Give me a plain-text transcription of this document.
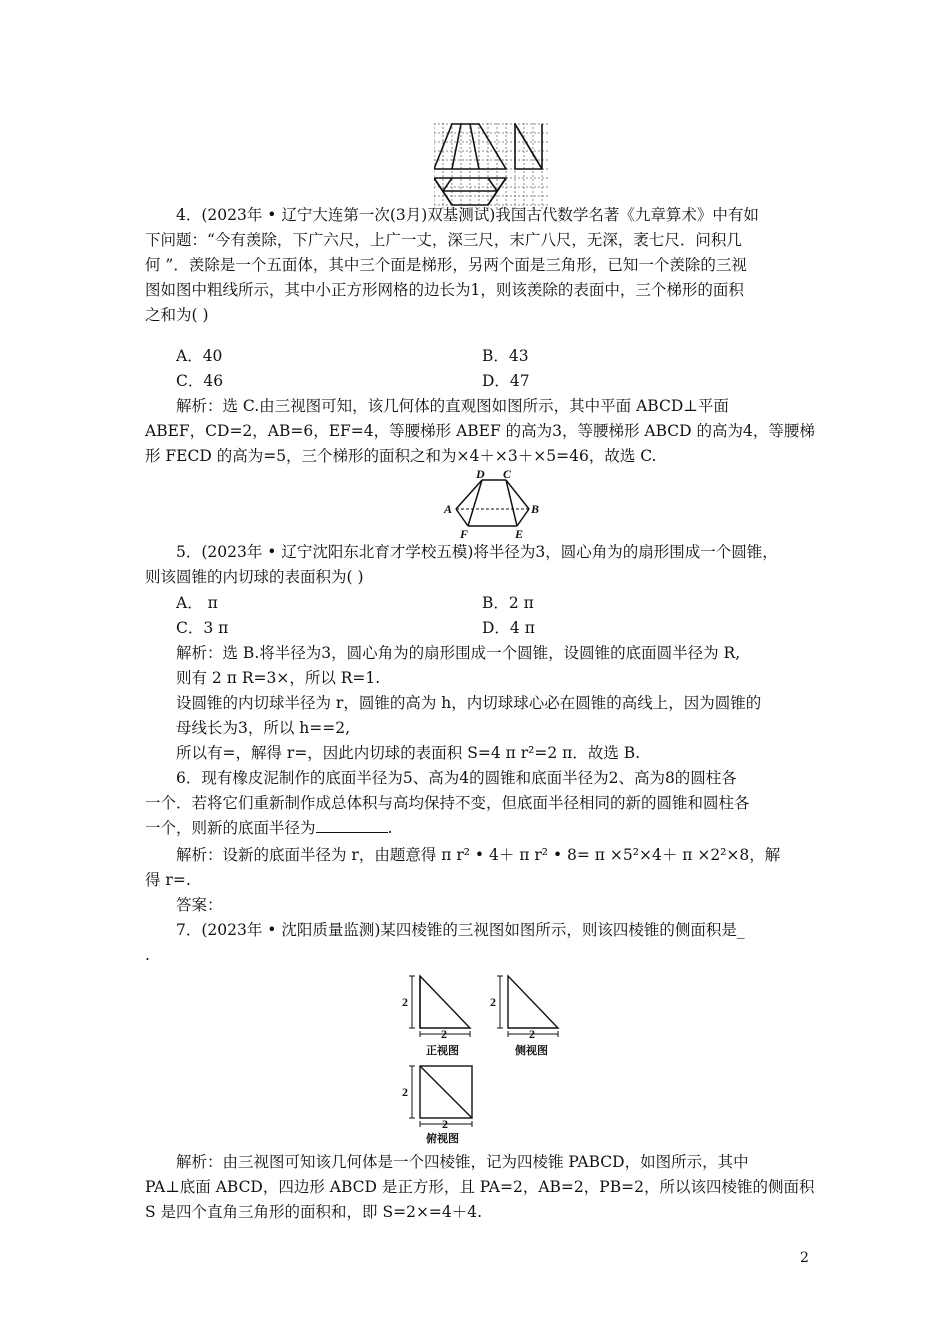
4．(2023年 • 辽宁大连第一次(3月)双基测试)我国古代数学名著《九章算术》中有如
下问题：“今有羡除，下广六尺，上广一丈，深三尺，末广八尺，无深，袤七尺．问积几
何 ”．羡除是一个五面体，其中三个面是梯形，另两个面是三角形，已知一个羡除的三视
图如图中粗线所示，其中小正方形网格的边长为1，则该羡除的表面中，三个梯形的面积
之和为( )
A．40	B．43
C．46	D．47
解析：选 C.由三视图可知，该几何体的直观图如图所示，其中平面 ABCD⊥平面
ABEF，CD=2，AB=6，EF=4，等腰梯形 ABEF 的高为3，等腰梯形 ABCD 的高为4，等腰梯
形 FECD 的高为=5，三个梯形的面积之和为×4＋×3＋×5=46，故选 C.
D C
A	B
F	E
5．(2023年 • 辽宁沈阳东北育才学校五模)将半径为3，圆心角为的扇形围成一个圆锥，
则该圆锥的内切球的表面积为( )
A． π	B．2 π
C．3 π	D．4 π
解析：选 B.将半径为3，圆心角为的扇形围成一个圆锥，设圆锥的底面圆半径为 R,
则有 2 π R=3×，所以 R=1.
设圆锥的内切球半径为 r，圆锥的高为 h，内切球球心必在圆锥的高线上，因为圆锥的
母线长为3，所以 h==2,
所以有=，解得 r=，因此内切球的表面积 S=4 π r²=2 π．故选 B.
6．现有橡皮泥制作的底面半径为5、高为4的圆锥和底面半径为2、高为8的圆柱各
一个．若将它们重新制作成总体积与高均保持不变，但底面半径相同的新的圆锥和圆柱各
一个，则新的底面半径为	.
解析：设新的底面半径为 r，由题意得 π r² • 4＋ π r² • 8= π ×5²×4＋ π ×2²×8，解
得 r=.
答案：
7．(2023年 • 沈阳质量监测)某四棱锥的三视图如图所示，则该四棱锥的侧面积是_
.
2
2
2
2
2
2
正视图	侧视图
俯视图
解析：由三视图可知该几何体是一个四棱锥，记为四棱锥 PABCD，如图所示，其中
PA⊥底面 ABCD，四边形 ABCD 是正方形，且 PA=2，AB=2，PB=2，所以该四棱锥的侧面积
S 是四个直角三角形的面积和，即 S=2×=4＋4.
2
